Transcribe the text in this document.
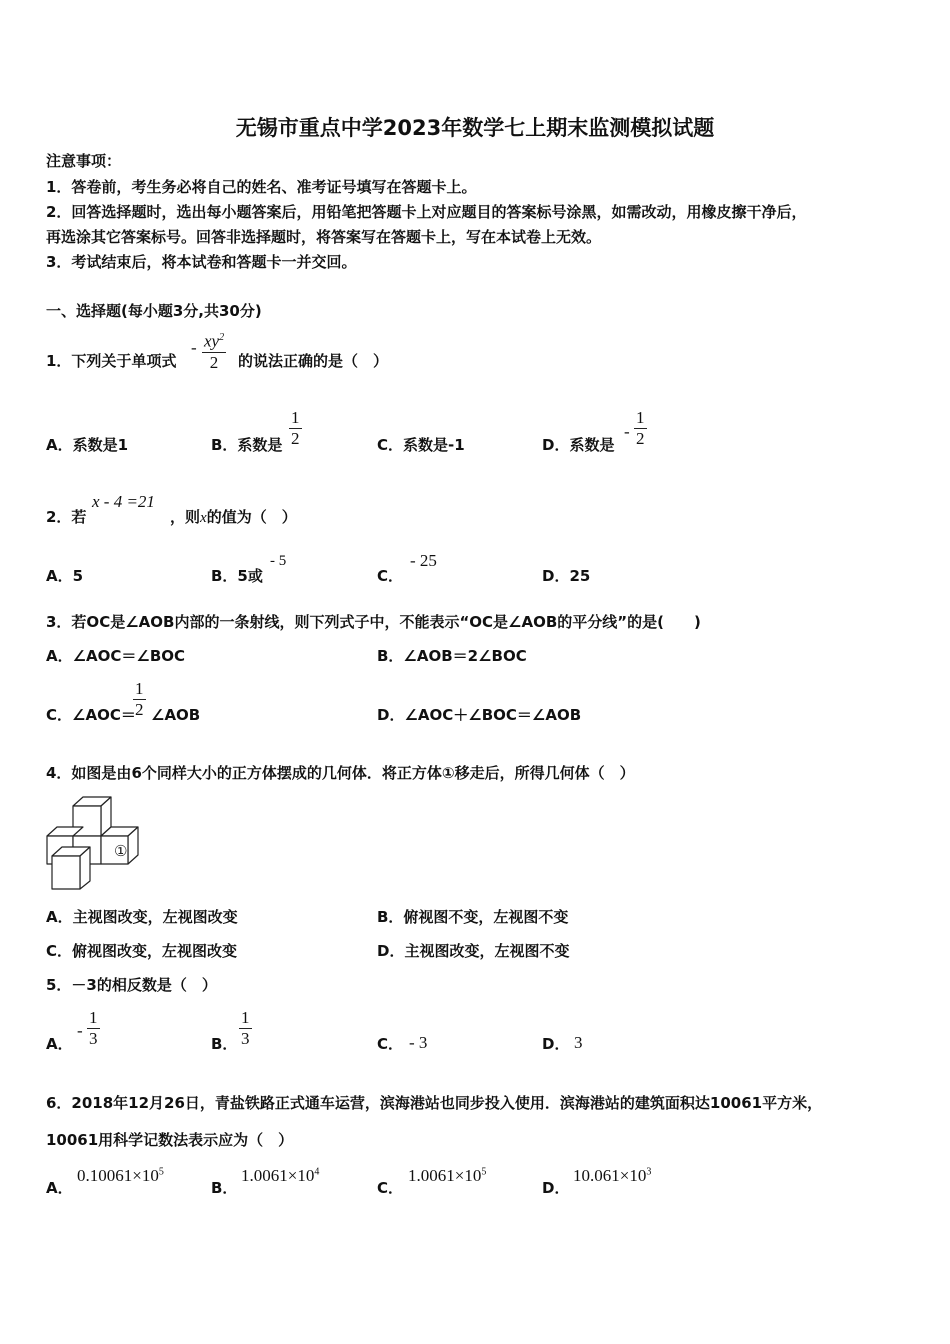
无锡市重点中学2023年数学七上期末监测模拟试题
注意事项：
1．答卷前，考生务必将自己的姓名、准考证号填写在答题卡上。
2．回答选择题时，选出每小题答案后，用铅笔把答题卡上对应题目的答案标号涂黑，如需改动，用橡皮擦干净后，
再选涂其它答案标号。回答非选择题时，将答案写在答题卡上，写在本试卷上无效。
3．考试结束后，将本试卷和答题卡一并交回。
一、选择题(每小题3分,共30分)
1．下列关于单项式
- $\frac{xy^2}{2}$ 的说法正确的是（　）
A．系数是1	B．系数是 $\frac{1}{2}$	C．系数是-1	D．系数是
- $\frac{1}{2}$
2．若
x - 4 =21
，则x的值为（　）
A．5	B．5或
- 5
C．
- 25
D．25
3．若OC是∠AOB内部的一条射线，则下列式子中，不能表示“OC是∠AOB的平分线”的是(　　)
A．∠AOC＝∠BOC	B．∠AOB＝2∠BOC
C．∠AOC＝
$\frac{1}{2}$ ∠AOB	D．∠AOC＋∠BOC＝∠AOB
4．如图是由6个同样大小的正方体摆成的几何体．将正方体①移走后，所得几何体（　）
①
A．主视图改变，左视图改变	B．俯视图不变，左视图不变
C．俯视图改变，左视图改变	D．主视图改变，左视图不变
5．－3的相反数是（　）
A．
- $\frac{1}{3}$	B． $\frac{1}{3}$	C． - 3	D． 3
6．2018年12月26日，青盐铁路正式通车运营，滨海港站也同步投入使用．滨海港站的建筑面积达10061平方米，
10061用科学记数法表示应为（　）
A．
$0.10061\times 10^5$
B．
$1.0061\times 10^4$
C．
$1.0061\times 10^5$
D．
$10.061\times 10^3$
